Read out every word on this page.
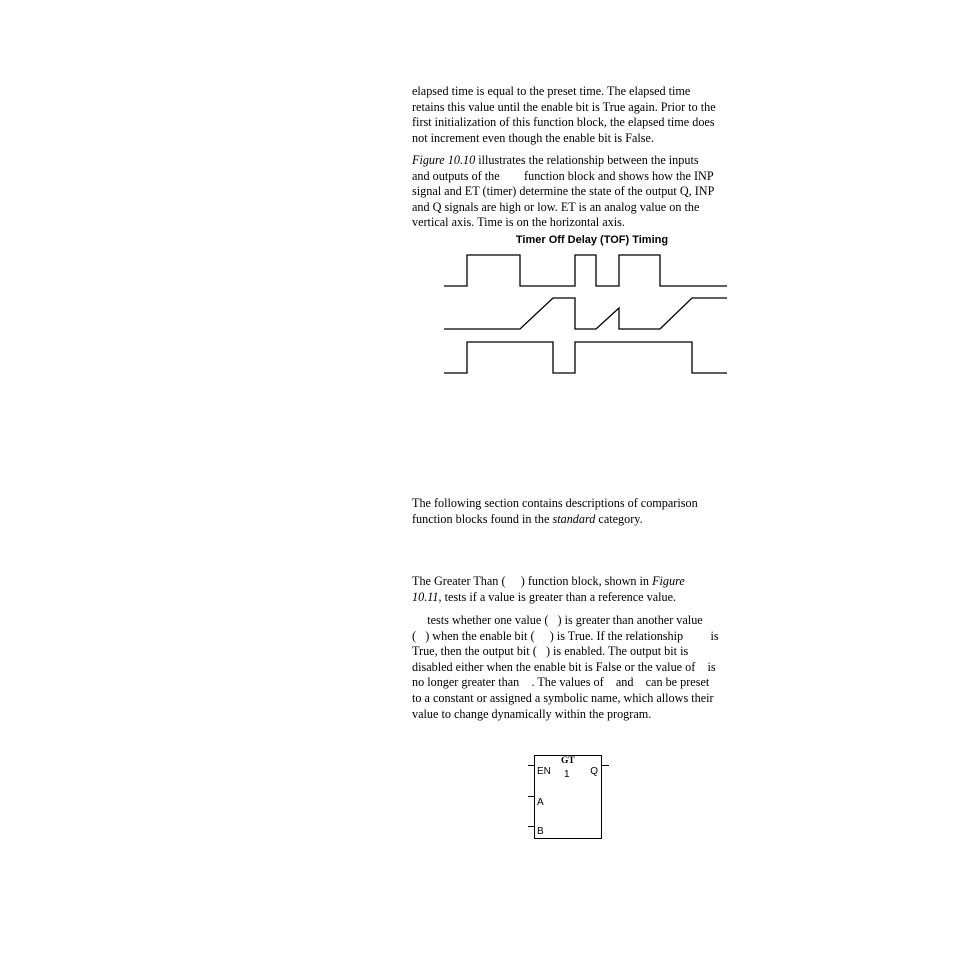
elapsed time is equal to the preset time. The elapsed time
retains this value until the enable bit is True again. Prior to the
first initialization of this function block, the elapsed time does
not increment even though the enable bit is False.

Figure 10.10 illustrates the relationship between the inputs
and outputs of the        function block and shows how the INP
signal and ET (timer) determine the state of the output Q, INP
and Q signals are high or low. ET is an analog value on the
vertical axis. Time is on the horizontal axis.

Timer Off Delay (TOF) Timing

The following section contains descriptions of comparison
function blocks found in the standard category.

The Greater Than (     ) function block, shown in Figure
10.11, tests if a value is greater than a reference value.

tests whether one value (   ) is greater than another value
(   ) when the enable bit (     ) is True. If the relationship         is
True, then the output bit (   ) is enabled. The output bit is
disabled either when the enable bit is False or the value of    is
no longer greater than    . The values of    and    can be preset
to a constant or assigned a symbolic name, which allows their
value to change dynamically within the program.

GT
1
EN
A
B
Q
